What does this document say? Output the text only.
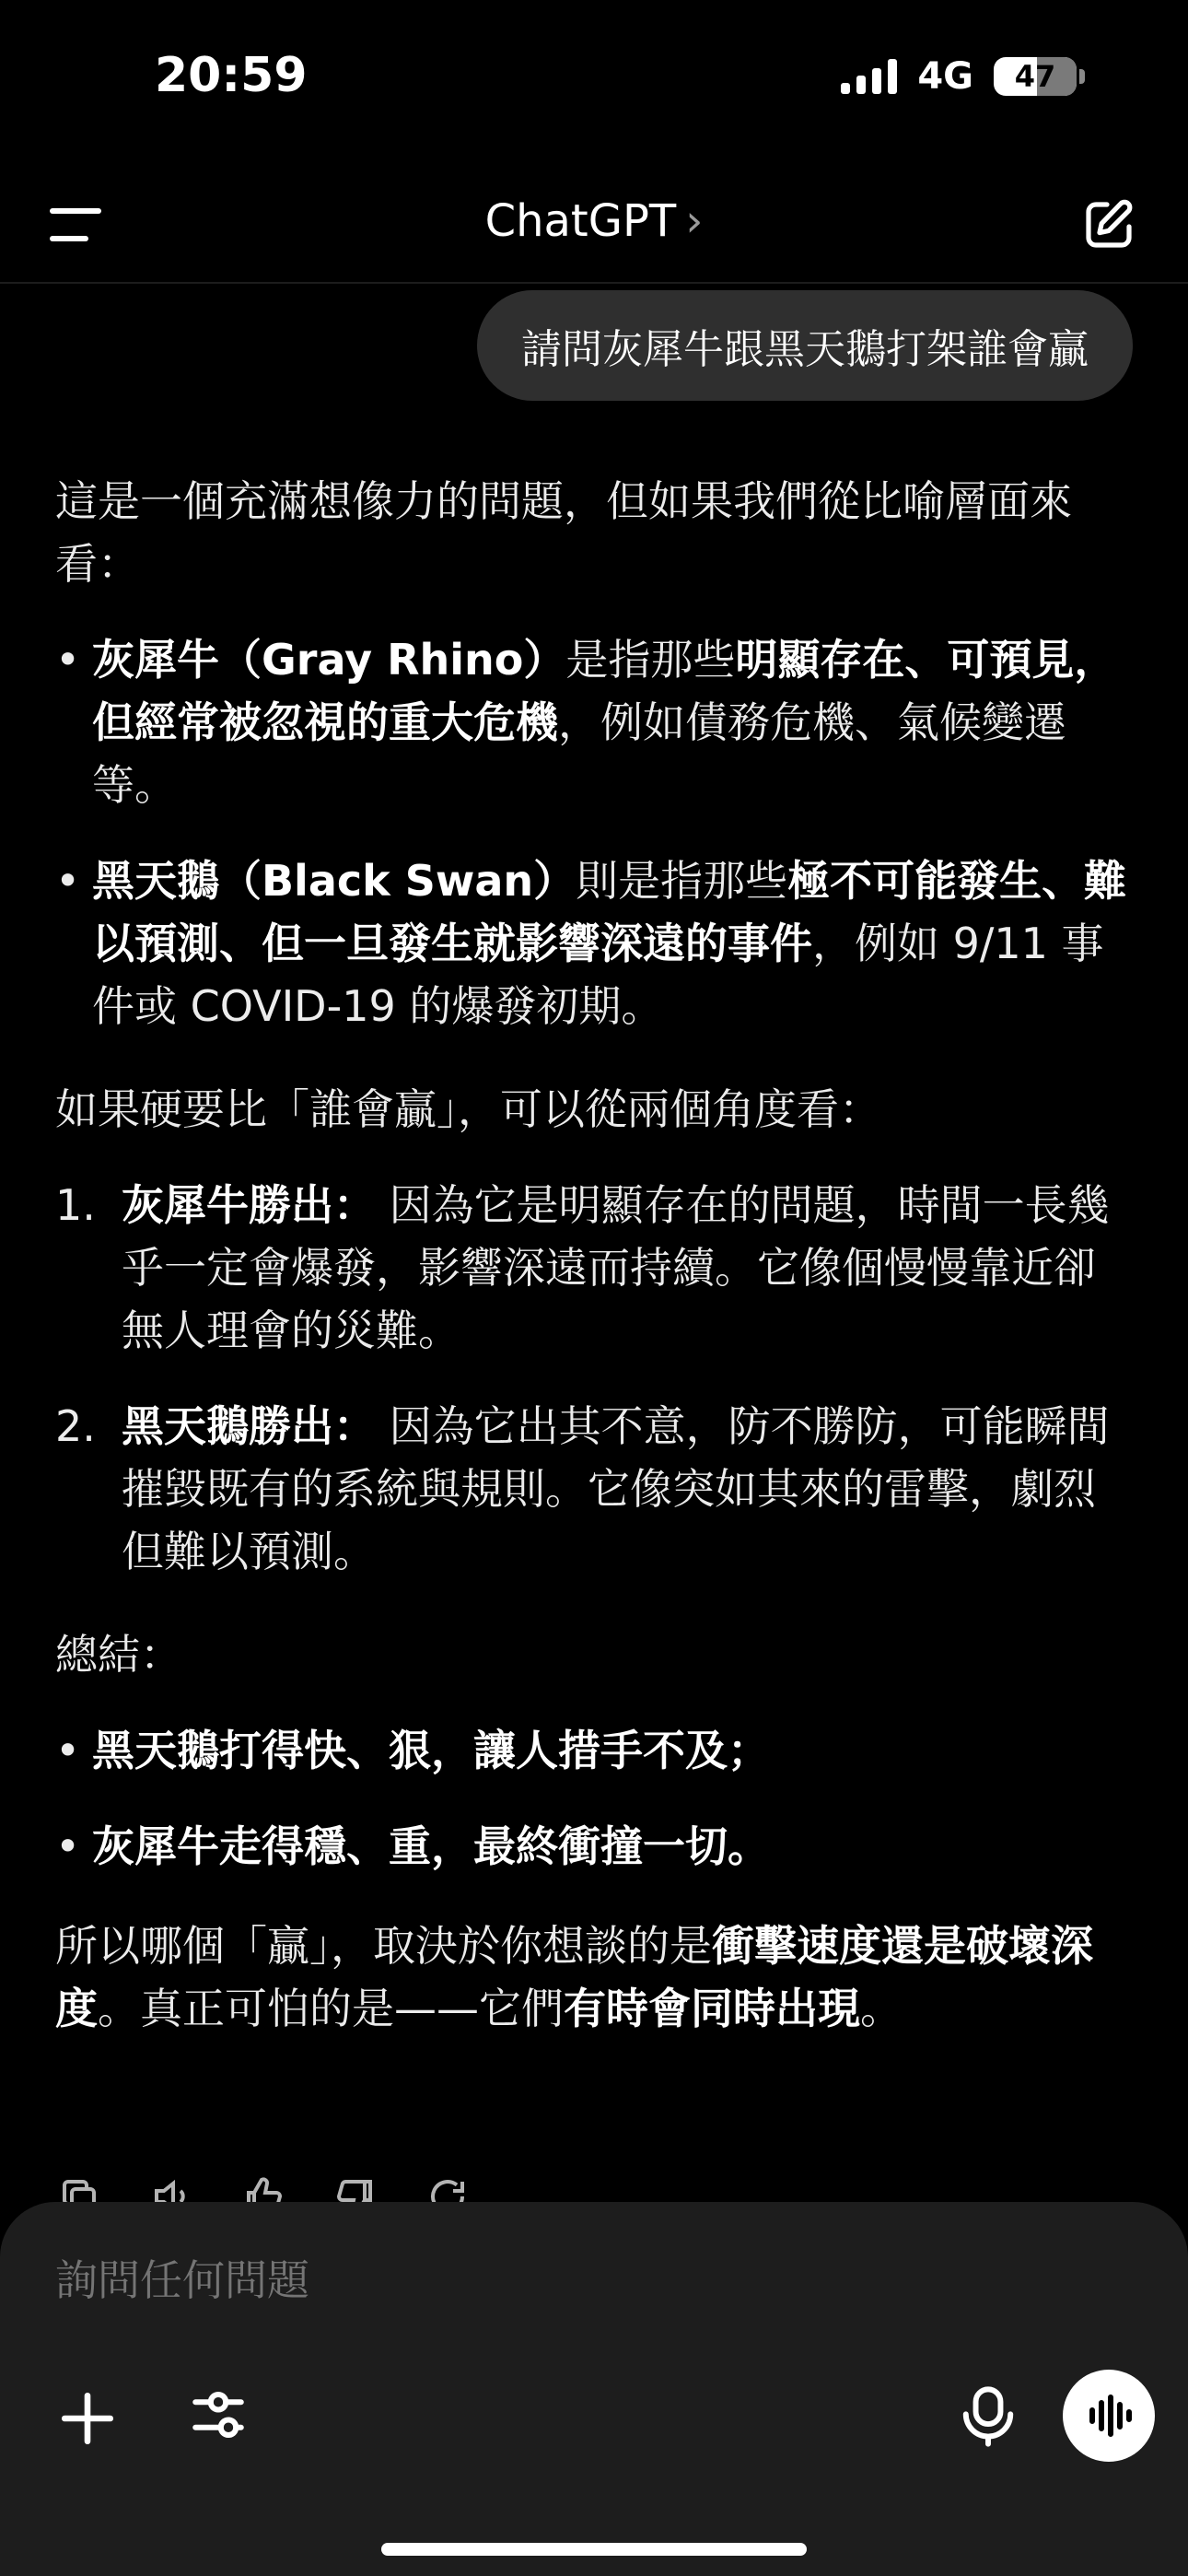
20:59	4G 47
ChatGPT ›
請問灰犀牛跟黑天鵝打架誰會贏

這是一個充滿想像力的問題，但如果我們從比喻層面來看：

• 灰犀牛（Gray Rhino）是指那些明顯存在、可預見，但經常被忽視的重大危機，例如債務危機、氣候變遷等。
• 黑天鵝（Black Swan）則是指那些極不可能發生、難以預測、但一旦發生就影響深遠的事件，例如 9/11 事件或 COVID-19 的爆發初期。

如果硬要比「誰會贏」，可以從兩個角度看：

1. 灰犀牛勝出： 因為它是明顯存在的問題，時間一長幾乎一定會爆發，影響深遠而持續。它像個慢慢靠近卻無人理會的災難。
2. 黑天鵝勝出： 因為它出其不意，防不勝防，可能瞬間摧毀既有的系統與規則。它像突如其來的雷擊，劇烈但難以預測。

總結：

• 黑天鵝打得快、狠，讓人措手不及；
• 灰犀牛走得穩、重，最終衝撞一切。

所以哪個「贏」，取決於你想談的是衝擊速度還是破壞深度。真正可怕的是——它們有時會同時出現。

詢問任何問題
